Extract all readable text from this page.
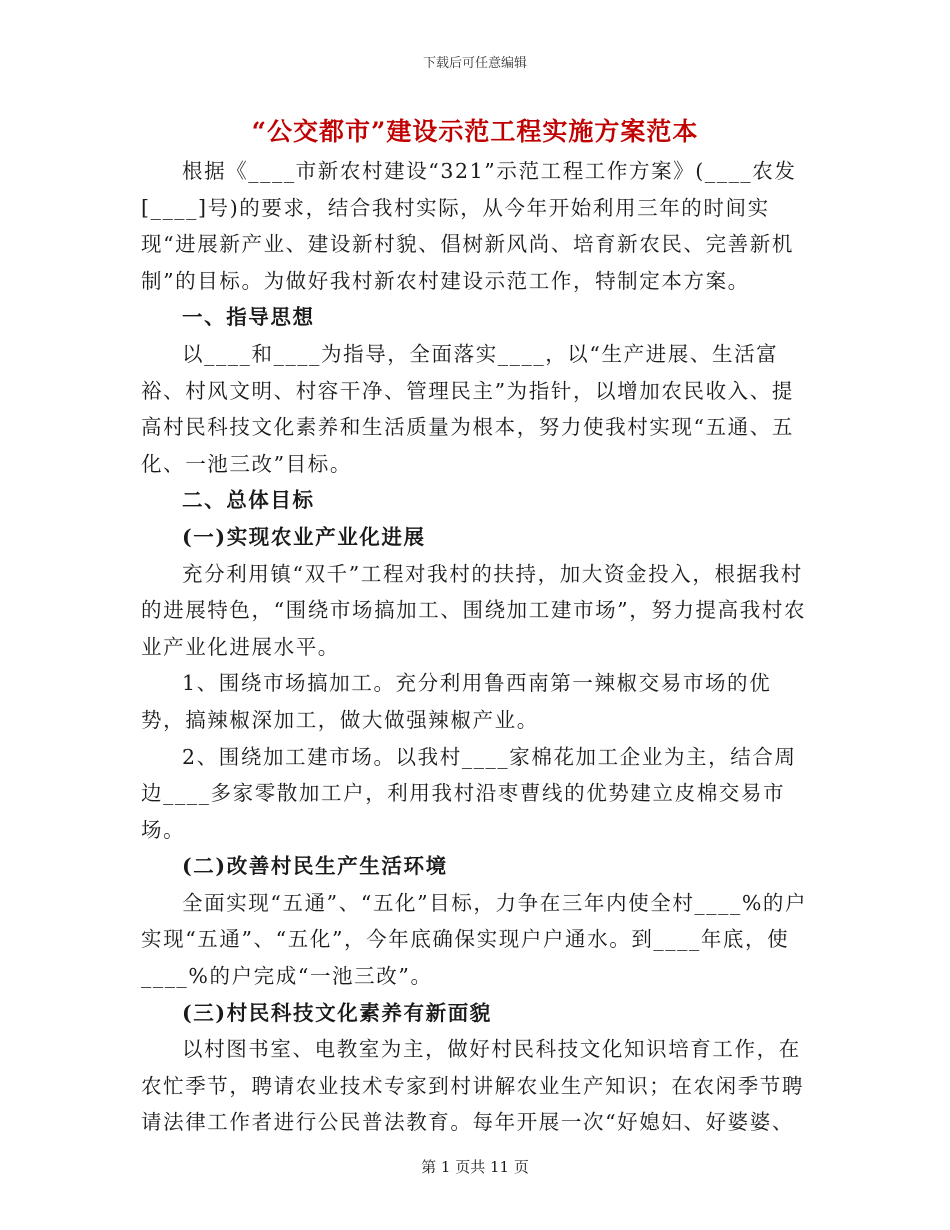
下载后可任意编辑
“公交都市”建设示范工程实施方案范本

根据《____市新农村建设“321”示范工程工作方案》(____农发[____]号)的要求，结合我村实际，从今年开始利用三年的时间实现“进展新产业、建设新村貌、倡树新风尚、培育新农民、完善新机制”的目标。为做好我村新农村建设示范工作，特制定本方案。

一、指导思想

以____和____为指导，全面落实____，以“生产进展、生活富裕、村风文明、村容干净、管理民主”为指针，以增加农民收入、提高村民科技文化素养和生活质量为根本，努力使我村实现“五通、五化、一池三改”目标。

二、总体目标

(一)实现农业产业化进展

充分利用镇“双千”工程对我村的扶持，加大资金投入，根据我村的进展特色，“围绕市场搞加工、围绕加工建市场”，努力提高我村农业产业化进展水平。

1、围绕市场搞加工。充分利用鲁西南第一辣椒交易市场的优势，搞辣椒深加工，做大做强辣椒产业。

2、围绕加工建市场。以我村____家棉花加工企业为主，结合周边____多家零散加工户，利用我村沿枣曹线的优势建立皮棉交易市场。

(二)改善村民生产生活环境

全面实现“五通”、“五化”目标，力争在三年内使全村____%的户实现“五通”、“五化”，今年底确保实现户户通水。到____年底，使____%的户完成“一池三改”。

(三)村民科技文化素养有新面貌

以村图书室、电教室为主，做好村民科技文化知识培育工作，在农忙季节，聘请农业技术专家到村讲解农业生产知识；在农闲季节聘请法律工作者进行公民普法教育。每年开展一次“好媳妇、好婆婆、

第 1 页共 11 页
